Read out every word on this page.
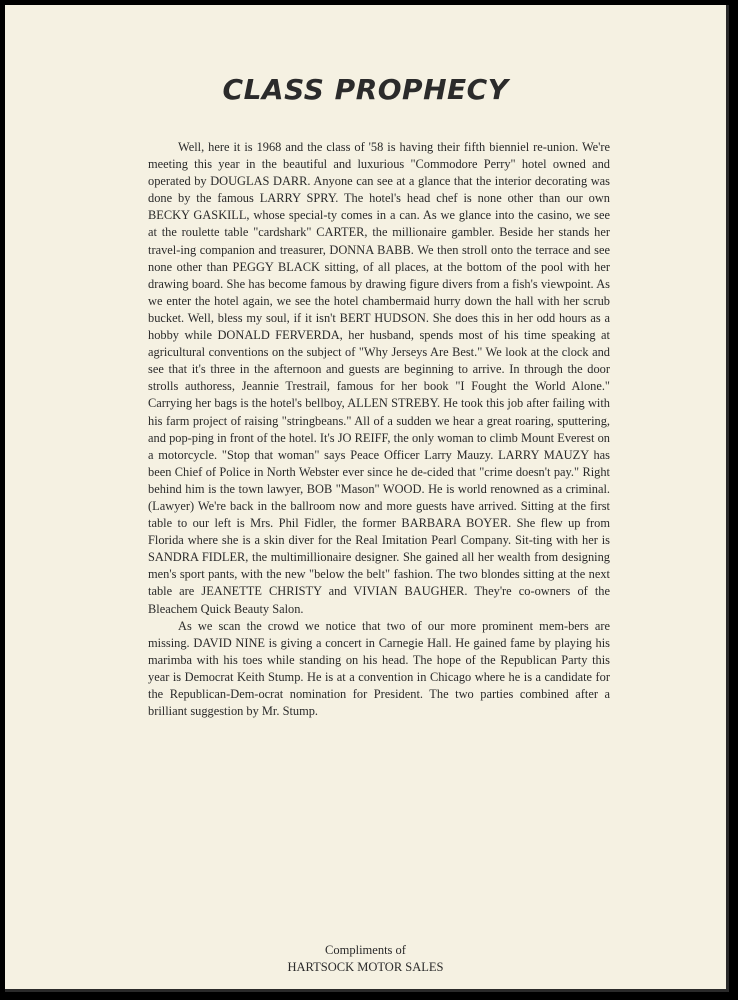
CLASS PROPHECY

Well, here it is 1968 and the class of '58 is having their fifth bienniel re-union. We're meeting this year in the beautiful and luxurious "Commodore Perry" hotel owned and operated by DOUGLAS DARR. Anyone can see at a glance that the interior decorating was done by the famous LARRY SPRY. The hotel's head chef is none other than our own BECKY GASKILL, whose special-ty comes in a can. As we glance into the casino, we see at the roulette table "cardshark" CARTER, the millionaire gambler. Beside her stands her travel-ing companion and treasurer, DONNA BABB. We then stroll onto the terrace and see none other than PEGGY BLACK sitting, of all places, at the bottom of the pool with her drawing board. She has become famous by drawing figure divers from a fish's viewpoint. As we enter the hotel again, we see the hotel chambermaid hurry down the hall with her scrub bucket. Well, bless my soul, if it isn't BERT HUDSON. She does this in her odd hours as a hobby while DONALD FERVERDA, her husband, spends most of his time speaking at agricultural conventions on the subject of "Why Jerseys Are Best." We look at the clock and see that it's three in the afternoon and guests are beginning to arrive. In through the door strolls authoress, Jeannie Trestrail, famous for her book "I Fought the World Alone." Carrying her bags is the hotel's bellboy, ALLEN STREBY. He took this job after failing with his farm project of raising "stringbeans." All of a sudden we hear a great roaring, sputtering, and pop-ping in front of the hotel. It's JO REIFF, the only woman to climb Mount Everest on a motorcycle. "Stop that woman" says Peace Officer Larry Mauzy. LARRY MAUZY has been Chief of Police in North Webster ever since he de-cided that "crime doesn't pay." Right behind him is the town lawyer, BOB "Mason" WOOD. He is world renowned as a criminal. (Lawyer) We're back in the ballroom now and more guests have arrived. Sitting at the first table to our left is Mrs. Phil Fidler, the former BARBARA BOYER. She flew up from Florida where she is a skin diver for the Real Imitation Pearl Company. Sit-ting with her is SANDRA FIDLER, the multimillionaire designer. She gained all her wealth from designing men's sport pants, with the new "below the belt" fashion. The two blondes sitting at the next table are JEANETTE CHRISTY and VIVIAN BAUGHER. They're co-owners of the Bleachem Quick Beauty Salon.

As we scan the crowd we notice that two of our more prominent mem-bers are missing. DAVID NINE is giving a concert in Carnegie Hall. He gained fame by playing his marimba with his toes while standing on his head. The hope of the Republican Party this year is Democrat Keith Stump. He is at a convention in Chicago where he is a candidate for the Republican-Dem-ocrat nomination for President. The two parties combined after a brilliant suggestion by Mr. Stump.

Compliments of
HARTSOCK MOTOR SALES
